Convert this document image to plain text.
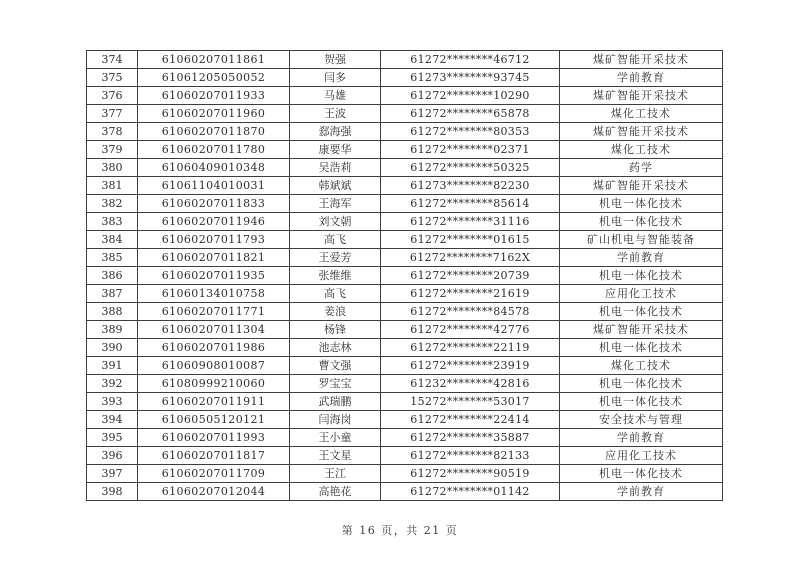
374	61060207011861	贺强	61272********46712	煤矿智能开采技术
375	61061205050052	闫多	61273********93745	学前教育
376	61060207011933	马雄	61272********10290	煤矿智能开采技术
377	61060207011960	王波	61272********65878	煤化工技术
378	61060207011870	郄海强	61272********80353	煤矿智能开采技术
379	61060207011780	康要华	61272********02371	煤化工技术
380	61060409010348	吴浩莉	61272********50325	药学
381	61061104010031	韩斌斌	61273********82230	煤矿智能开采技术
382	61060207011833	王海军	61272********85614	机电一体化技术
383	61060207011946	刘文朝	61272********31116	机电一体化技术
384	61060207011793	高飞	61272********01615	矿山机电与智能装备
385	61060207011821	王爱芳	61272********7162X	学前教育
386	61060207011935	张维维	61272********20739	机电一体化技术
387	61060134010758	高飞	61272********21619	应用化工技术
388	61060207011771	姜浪	61272********84578	机电一体化技术
389	61060207011304	杨锋	61272********42776	煤矿智能开采技术
390	61060207011986	池志林	61272********22119	机电一体化技术
391	61060908010087	曹文强	61272********23919	煤化工技术
392	61080999210060	罗宝宝	61232********42816	机电一体化技术
393	61060207011911	武瑞鹏	15272********53017	机电一体化技术
394	61060505120121	闫海岗	61272********22414	安全技术与管理
395	61060207011993	王小童	61272********35887	学前教育
396	61060207011817	王文星	61272********82133	应用化工技术
397	61060207011709	王江	61272********90519	机电一体化技术
398	61060207012044	高艳花	61272********01142	学前教育
第 16 页，共 21 页
